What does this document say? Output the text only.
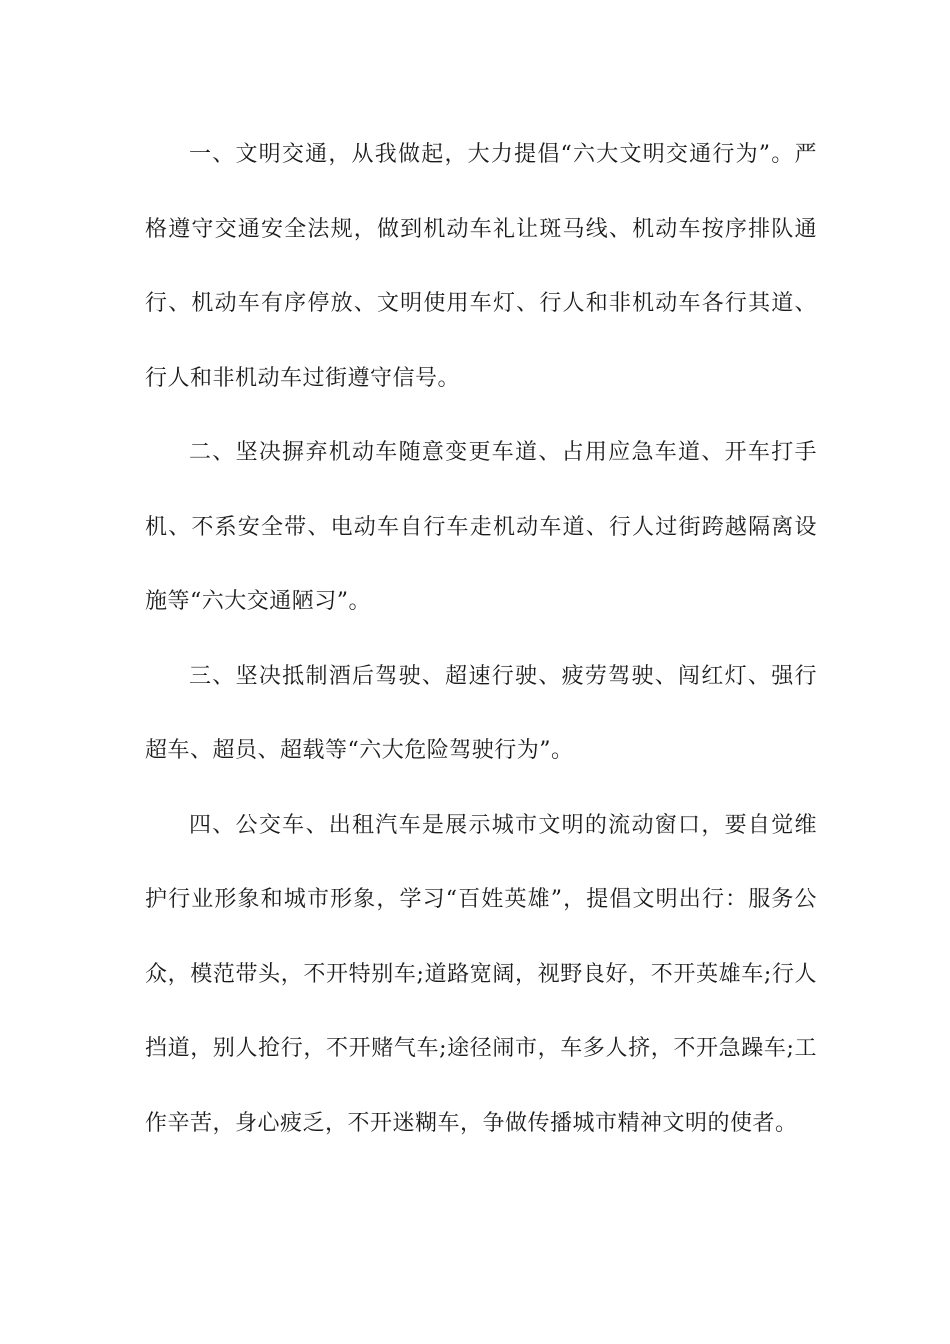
一、文明交通，从我做起，大力提倡“六大文明交通行为”。严格遵守交通安全法规，做到机动车礼让斑马线、机动车按序排队通行、机动车有序停放、文明使用车灯、行人和非机动车各行其道、行人和非机动车过街遵守信号。

二、坚决摒弃机动车随意变更车道、占用应急车道、开车打手机、不系安全带、电动车自行车走机动车道、行人过街跨越隔离设施等“六大交通陋习”。

三、坚决抵制酒后驾驶、超速行驶、疲劳驾驶、闯红灯、强行超车、超员、超载等“六大危险驾驶行为”。

四、公交车、出租汽车是展示城市文明的流动窗口，要自觉维护行业形象和城市形象，学习“百姓英雄”，提倡文明出行：服务公众，模范带头，不开特别车;道路宽阔，视野良好，不开英雄车;行人挡道，别人抢行，不开赌气车;途径闹市，车多人挤，不开急躁车;工作辛苦，身心疲乏，不开迷糊车，争做传播城市精神文明的使者。
